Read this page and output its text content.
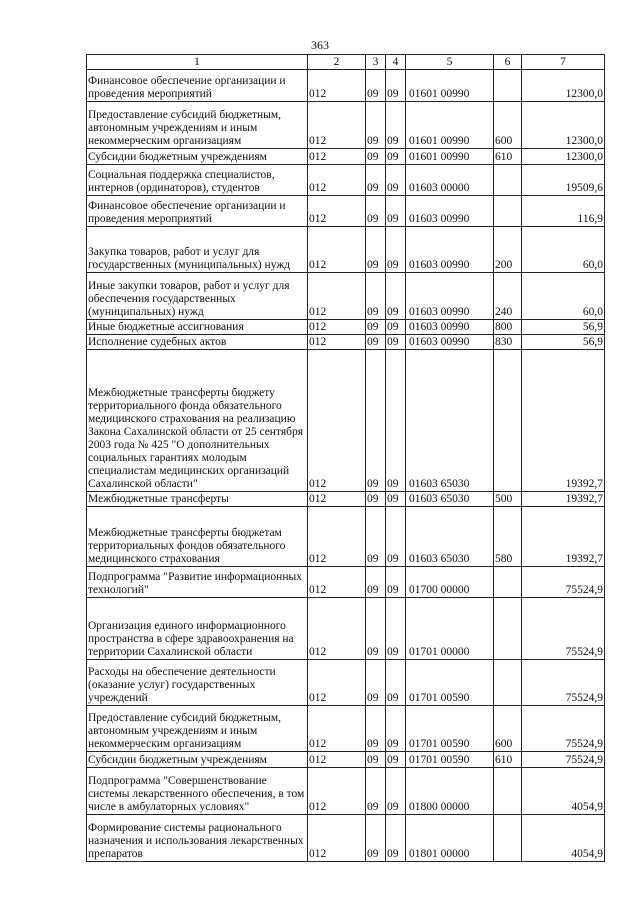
363
1	2	3	4	5	6	7
Финансовое обеспечение организации и проведения мероприятий	012	09	09	01601 00990		12300,0
Предоставление субсидий бюджетным, автономным учреждениям и иным некоммерческим организациям	012	09	09	01601 00990	600	12300,0
Субсидии бюджетным учреждениям	012	09	09	01601 00990	610	12300,0
Социальная поддержка специалистов, интернов (ординаторов), студентов	012	09	09	01603 00000		19509,6
Финансовое обеспечение организации и проведения мероприятий	012	09	09	01603 00990		116,9
Закупка товаров, работ и услуг для государственных (муниципальных) нужд	012	09	09	01603 00990	200	60,0
Иные закупки товаров, работ и услуг для обеспечения государственных (муниципальных) нужд	012	09	09	01603 00990	240	60,0
Иные бюджетные ассигнования	012	09	09	01603 00990	800	56,9
Исполнение судебных актов	012	09	09	01603 00990	830	56,9
Межбюджетные трансферты бюджету территориального фонда обязательного медицинского страхования на реализацию Закона Сахалинской области от 25 сентября 2003 года № 425 "О дополнительных социальных гарантиях молодым специалистам медицинских организаций Сахалинской области"	012	09	09	01603 65030		19392,7
Межбюджетные трансферты	012	09	09	01603 65030	500	19392,7
Межбюджетные трансферты бюджетам территориальных фондов обязательного медицинского страхования	012	09	09	01603 65030	580	19392,7
Подпрограмма "Развитие информационных технологий"	012	09	09	01700 00000		75524,9
Организация единого информационного пространства в сфере здравоохранения на территории Сахалинской области	012	09	09	01701 00000		75524,9
Расходы на обеспечение деятельности (оказание услуг) государственных учреждений	012	09	09	01701 00590		75524,9
Предоставление субсидий бюджетным, автономным учреждениям и иным некоммерческим организациям	012	09	09	01701 00590	600	75524,9
Субсидии бюджетным учреждениям	012	09	09	01701 00590	610	75524,9
Подпрограмма "Совершенствование системы лекарственного обеспечения, в том числе в амбулаторных условиях"	012	09	09	01800 00000		4054,9
Формирование системы рационального назначения и использования лекарственных препаратов	012	09	09	01801 00000		4054,9
